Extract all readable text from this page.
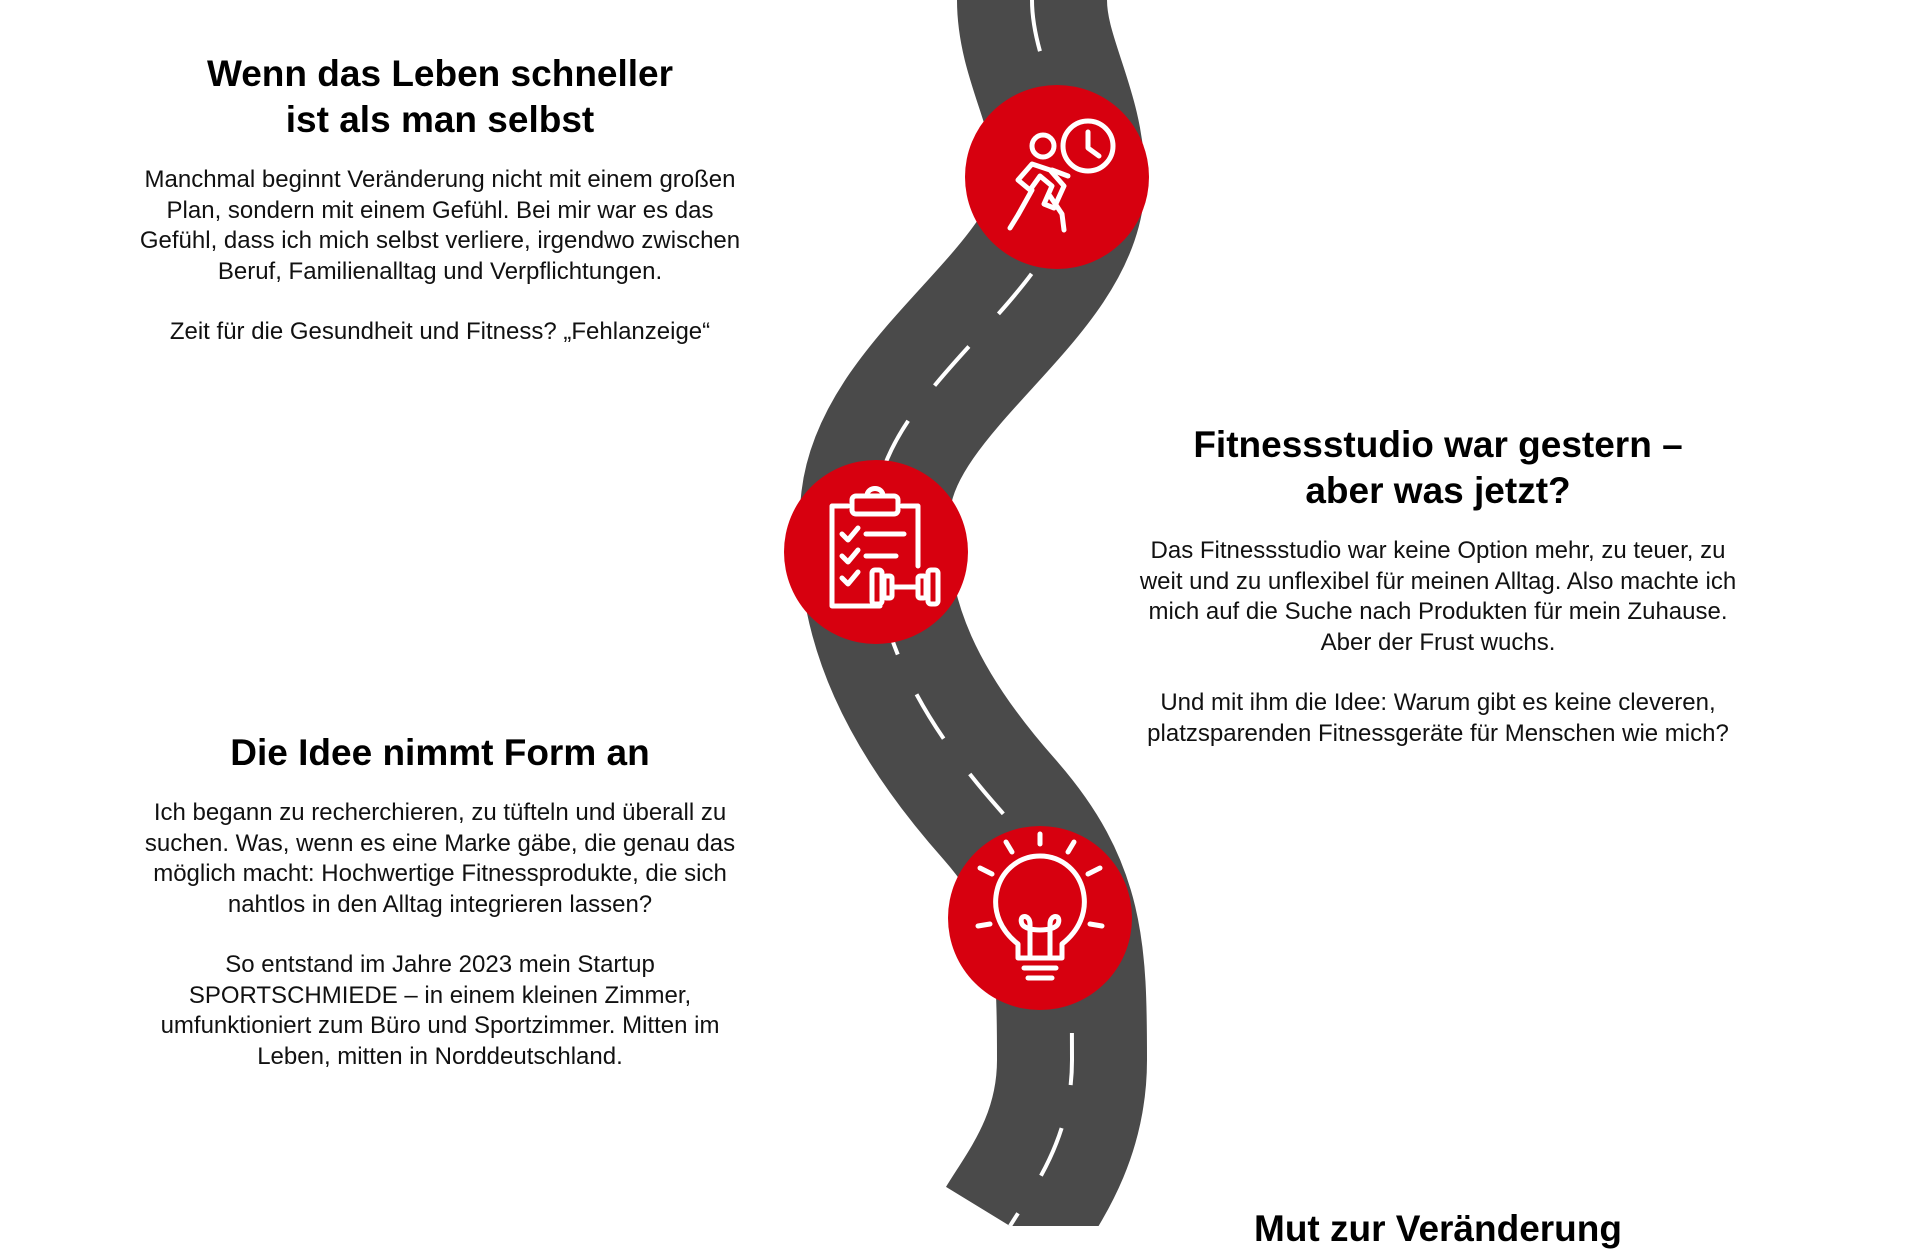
Wenn das Leben schneller
ist als man selbst

Manchmal beginnt Veränderung nicht mit einem großen Plan, sondern mit einem Gefühl. Bei mir war es das Gefühl, dass ich mich selbst verliere, irgendwo zwischen Beruf, Familienalltag und Verpflichtungen.

Zeit für die Gesundheit und Fitness? „Fehlanzeige“

Fitnessstudio war gestern –
aber was jetzt?

Das Fitnessstudio war keine Option mehr, zu teuer, zu weit und zu unflexibel für meinen Alltag. Also machte ich mich auf die Suche nach Produkten für mein Zuhause. Aber der Frust wuchs.

Und mit ihm die Idee: Warum gibt es keine cleveren, platzsparenden Fitnessgeräte für Menschen wie mich?

Die Idee nimmt Form an

Ich begann zu recherchieren, zu tüfteln und überall zu suchen. Was, wenn es eine Marke gäbe, die genau das möglich macht: Hochwertige Fitnessprodukte, die sich nahtlos in den Alltag integrieren lassen?

So entstand im Jahre 2023 mein Startup SPORTSCHMIEDE – in einem kleinen Zimmer, umfunktioniert zum Büro und Sportzimmer. Mitten im Leben, mitten in Norddeutschland.

Mut zur Veränderung
